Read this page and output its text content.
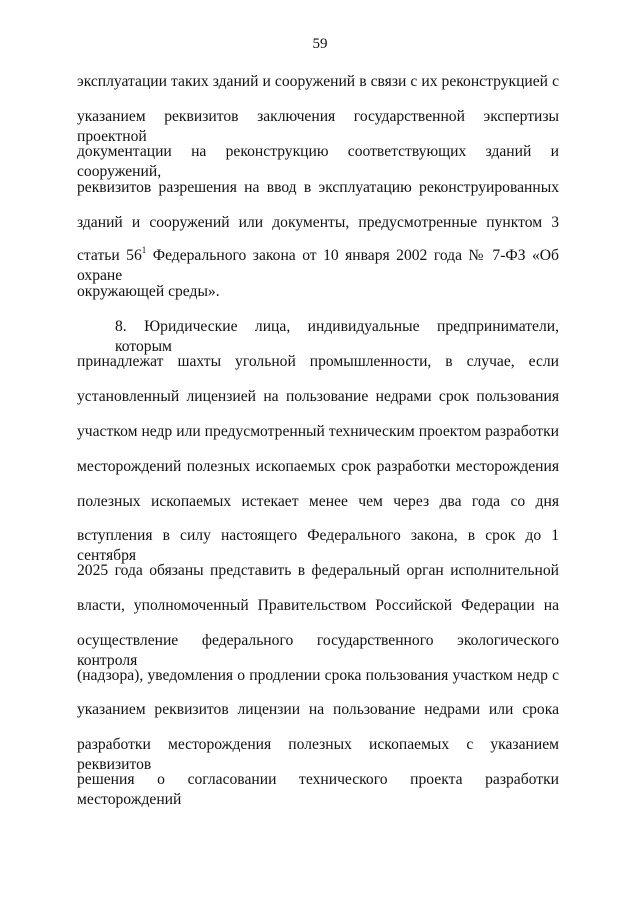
59
эксплуатации таких зданий и сооружений в связи с их реконструкцией с
указанием реквизитов заключения государственной экспертизы проектной
документации на реконструкцию соответствующих зданий и сооружений,
реквизитов разрешения на ввод в эксплуатацию реконструированных
зданий и сооружений или документы, предусмотренные пунктом 3
статьи $56^1$ Федерального закона от 10 января 2002 года № 7-ФЗ «Об охране
окружающей среды».
8. Юридические лица, индивидуальные предприниматели, которым
принадлежат шахты угольной промышленности, в случае, если
установленный лицензией на пользование недрами срок пользования
участком недр или предусмотренный техническим проектом разработки
месторождений полезных ископаемых срок разработки месторождения
полезных ископаемых истекает менее чем через два года со дня
вступления в силу настоящего Федерального закона, в срок до 1 сентября
2025 года обязаны представить в федеральный орган исполнительной
власти, уполномоченный Правительством Российской Федерации на
осуществление федерального государственного экологического контроля
(надзора), уведомления о продлении срока пользования участком недр с
указанием реквизитов лицензии на пользование недрами или срока
разработки месторождения полезных ископаемых с указанием реквизитов
решения о согласовании технического проекта разработки месторождений
